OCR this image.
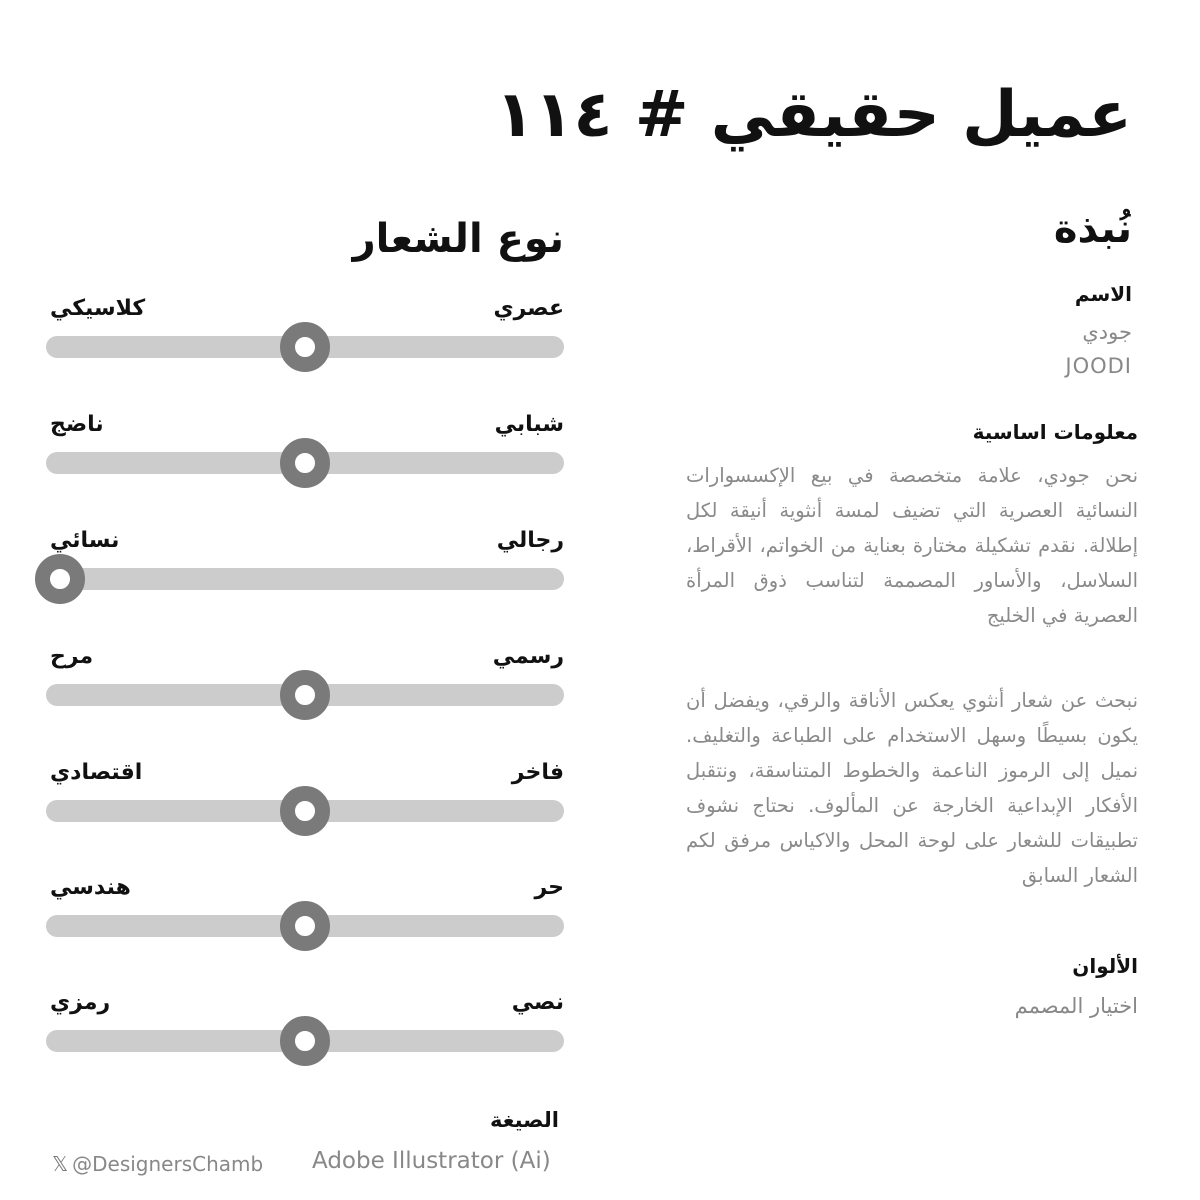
عميل حقيقي # ١١٤
نُبذة
الاسم
جودي
JOODI
معلومات اساسية
نحن جودي، علامة متخصصة في بيع الإكسسوارات النسائية العصرية التي تضيف لمسة أنثوية أنيقة لكل إطلالة. نقدم تشكيلة مختارة بعناية من الخواتم، الأقراط، السلاسل، والأساور المصممة لتناسب ذوق المرأة العصرية في الخليج
نبحث عن شعار أنثوي يعكس الأناقة والرقي، ويفضل أن يكون بسيطًا وسهل الاستخدام على الطباعة والتغليف. نميل إلى الرموز الناعمة والخطوط المتناسقة، ونتقبل الأفكار الإبداعية الخارجة عن المألوف. نحتاج نشوف تطبيقات للشعار على لوحة المحل والاكياس مرفق لكم الشعار السابق
الألوان
اختيار المصمم
نوع الشعار
عصري
كلاسيكي
شبابي
ناضج
رجالي
نسائي
رسمي
مرح
فاخر
اقتصادي
حر
هندسي
نصي
رمزي
الصيغة
Adobe Illustrator (Ai)
𝕏 @DesignersChamb
